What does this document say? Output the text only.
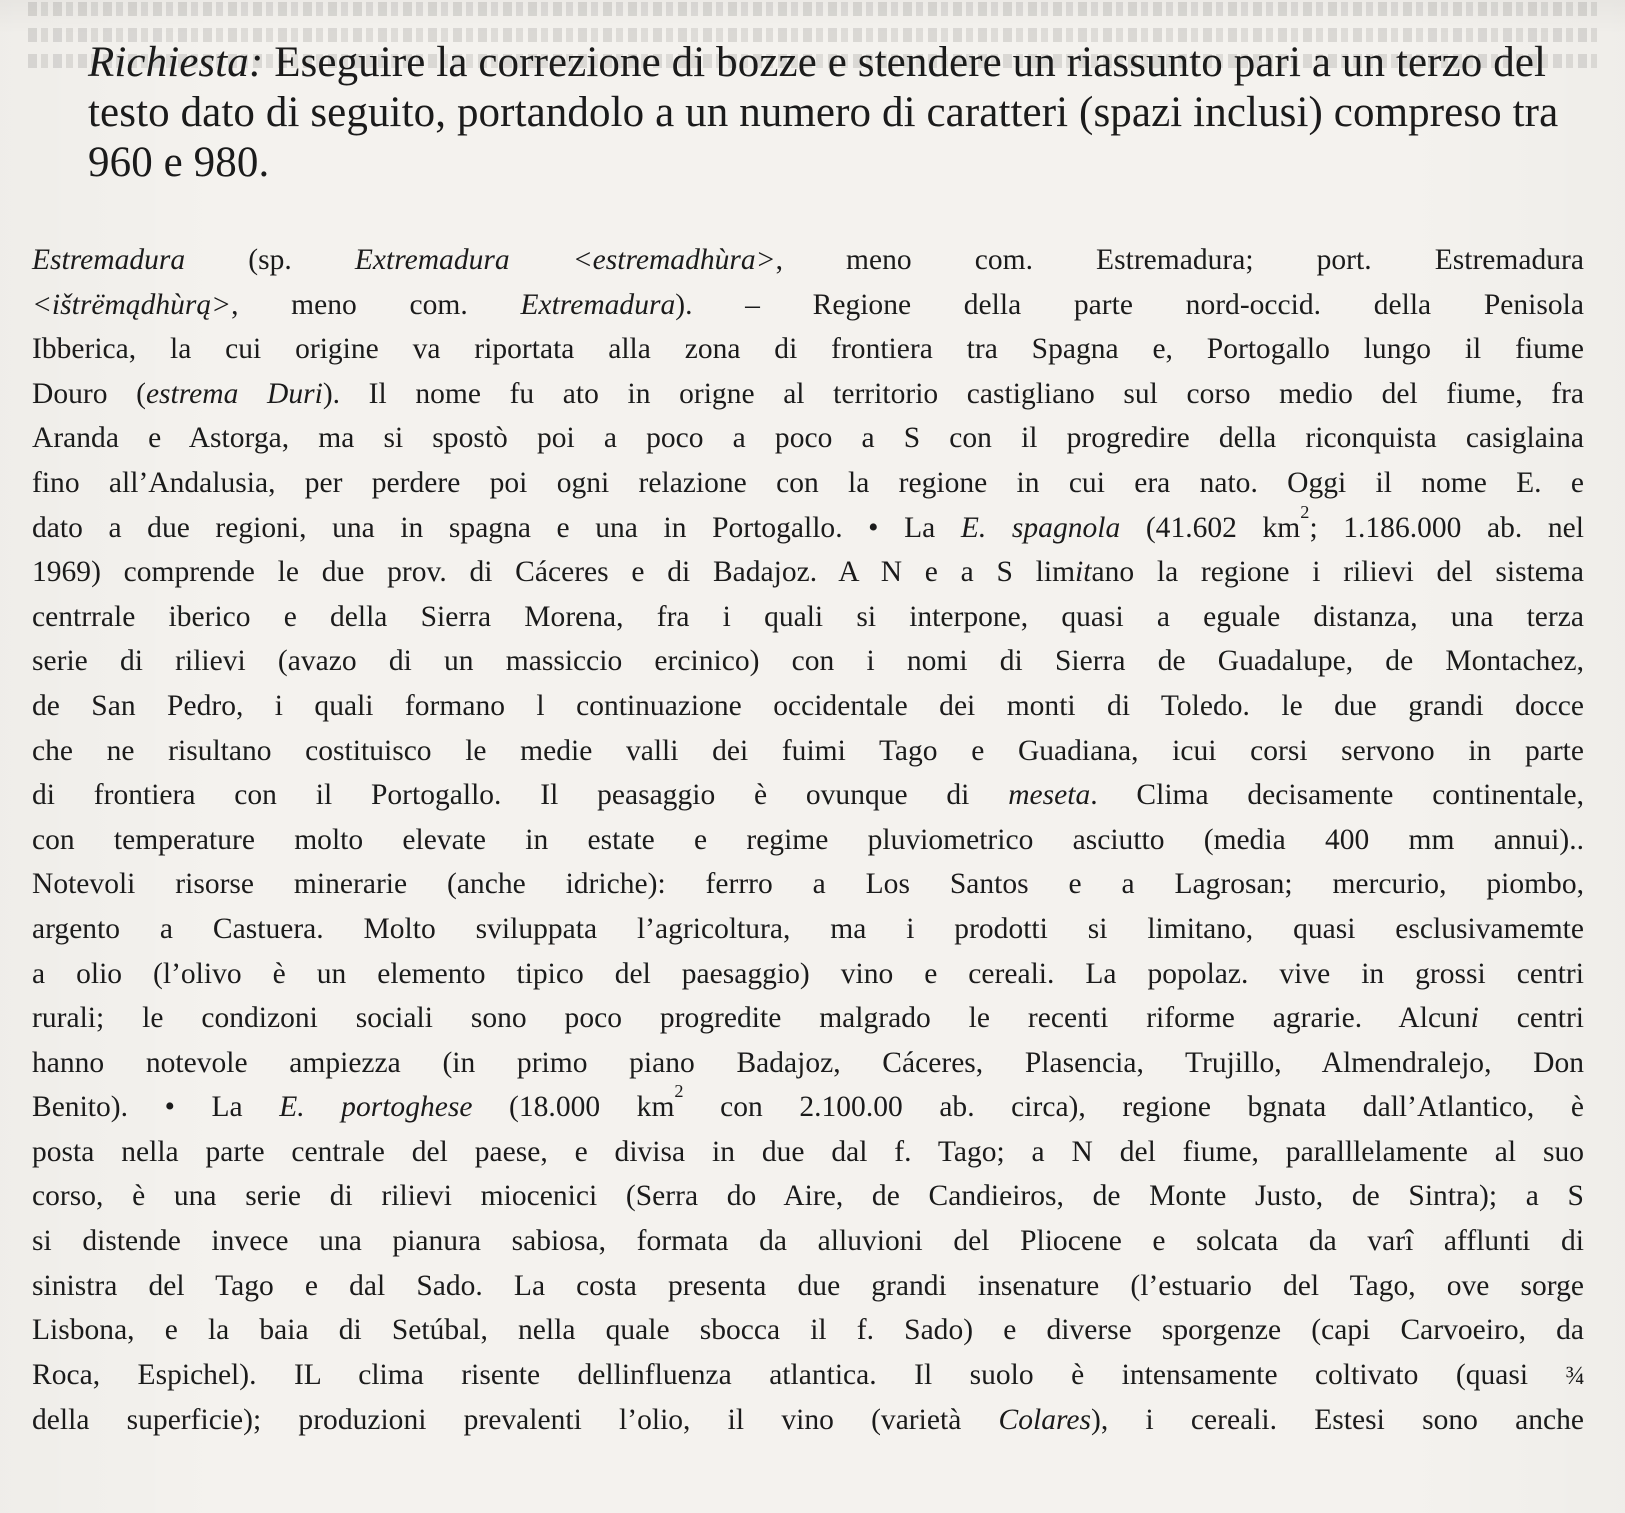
Richiesta: Eseguire la correzione di bozze e stendere un riassunto pari a un terzo del testo dato di seguito, portandolo a un numero di caratteri (spazi inclusi) compreso tra 960 e 980.
Estremadura (sp. Extremadura <estremadhùra>, meno com. Estremadura; port. Estremadura
<ištrëmądhùrą>, meno com. Extremadura). – Regione della parte nord-occid. della Penisola
Ibberica, la cui origine va riportata alla zona di frontiera tra Spagna e, Portogallo lungo il fiume
Douro (estrema Duri). Il nome fu ato in origne al territorio castigliano sul corso medio del fiume, fra
Aranda e Astorga, ma si spostò poi a poco a poco a S con il progredire della riconquista casiglaina
fino all’Andalusia, per perdere poi ogni relazione con la regione in cui era nato. Oggi il nome E. e
dato a due regioni, una in spagna e una in Portogallo. • La E. spagnola (41.602 $km^2$; 1.186.000 ab. nel
1969) comprende le due prov. di Cáceres e di Badajoz. A N e a S limitano la regione i rilievi del sistema
centrrale iberico e della Sierra Morena, fra i quali si interpone, quasi a eguale distanza, una terza
serie di rilievi (avazo di un massiccio ercinico) con i nomi di Sierra de Guadalupe, de Montachez,
de San Pedro, i quali formano l continuazione occidentale dei monti di Toledo. le due grandi docce
che ne risultano costituisco le medie valli dei fuimi Tago e Guadiana, icui corsi servono in parte
di frontiera con il Portogallo. Il peasaggio è ovunque di meseta. Clima decisamente continentale,
con temperature molto elevate in estate e regime pluviometrico asciutto (media 400 mm annui)..
Notevoli risorse minerarie (anche idriche): ferrro a Los Santos e a Lagrosan; mercurio, piombo,
argento a Castuera. Molto sviluppata l’agricoltura, ma i prodotti si limitano, quasi esclusivamemte
a olio (l’olivo è un elemento tipico del paesaggio) vino e cereali. La popolaz. vive in grossi centri
rurali; le condizoni sociali sono poco progredite malgrado le recenti riforme agrarie. Alcuni centri
hanno notevole ampiezza (in primo piano Badajoz, Cáceres, Plasencia, Trujillo, Almendralejo, Don
Benito). • La E. portoghese (18.000 $km^2$ con 2.100.00 ab. circa), regione bgnata dall’Atlantico, è
posta nella parte centrale del paese, e divisa in due dal f. Tago; a N del fiume, paralllelamente al suo
corso, è una serie di rilievi miocenici (Serra do Aire, de Candieiros, de Monte Justo, de Sintra); a S
si distende invece una pianura sabiosa, formata da alluvioni del Pliocene e solcata da varî afflunti di
sinistra del Tago e dal Sado. La costa presenta due grandi insenature (l’estuario del Tago, ove sorge
Lisbona, e la baia di Setúbal, nella quale sbocca il f. Sado) e diverse sporgenze (capi Carvoeiro, da
Roca, Espichel). IL clima risente dellinfluenza atlantica. Il suolo è intensamente coltivato (quasi ¾
della superficie); produzioni prevalenti l’olio, il vino (varietà Colares), i cereali. Estesi sono anche
